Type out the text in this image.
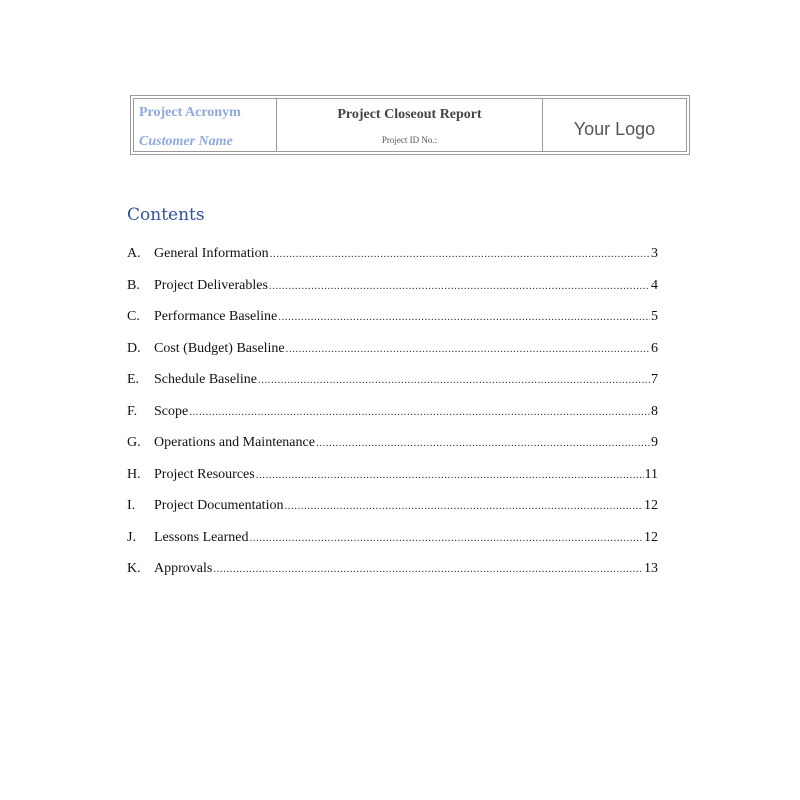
Project Acronym
Customer Name
Project Closeout Report
Project ID No.:
Your Logo
Contents
A. General Information .....	3
B.	Project Deliverables .....	4
C.	Performance Baseline .....	5
D. Cost (Budget) Baseline .....	6
E.	Schedule Baseline .....	7
F.	Scope .....	8
G. Operations and Maintenance .....	9
H. Project Resources .....	11
I.	Project Documentation .....	12
J.	Lessons Learned .....	12
K. Approvals .....	13
